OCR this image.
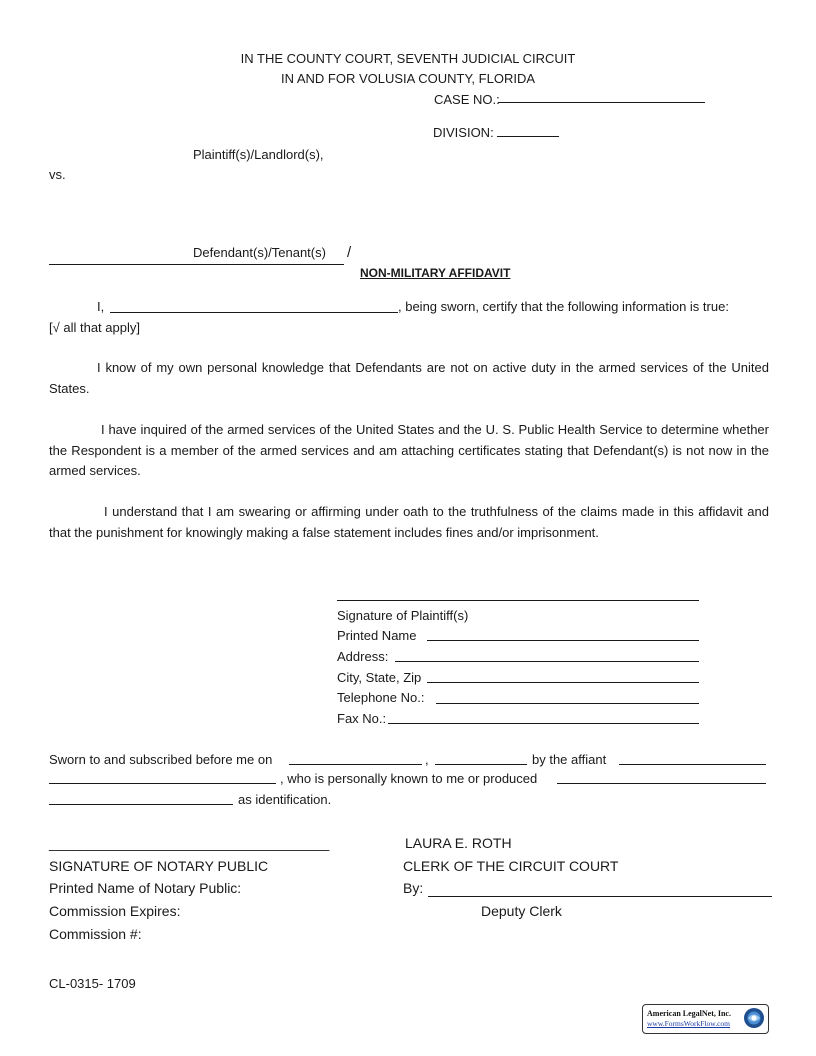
IN THE COUNTY COURT, SEVENTH JUDICIAL CIRCUIT
IN AND FOR VOLUSIA COUNTY, FLORIDA
CASE NO.:
DIVISION:
Plaintiff(s)/Landlord(s),
vs.
Defendant(s)/Tenant(s) /
NON-MILITARY AFFIDAVIT
I,	, being sworn, certify that the following information is true:
[√ all that apply]
I know of my own personal knowledge that Defendants are not on active duty in the armed services of the United States.
I have inquired of the armed services of the United States and the U. S. Public Health Service to determine whether the Respondent is a member of the armed services and am attaching certificates stating that Defendant(s) is not now in the armed services.
I understand that I am swearing or affirming under oath to the truthfulness of the claims made in this affidavit and that the punishment for knowingly making a false statement includes fines and/or imprisonment.
Signature of Plaintiff(s)
Printed Name
Address:
City, State, Zip
Telephone No.:
Fax No.:
Sworn to and subscribed before me on	,	by the affiant
, who is personally known to me or produced
as identification.
____________________________________
SIGNATURE OF NOTARY PUBLIC
Printed Name of Notary Public:
Commission Expires:
Commission #:
LAURA E. ROTH
CLERK OF THE CIRCUIT COURT
By:
Deputy Clerk
CL-0315- 1709
American LegalNet, Inc.
www.FormsWorkFlow.com
